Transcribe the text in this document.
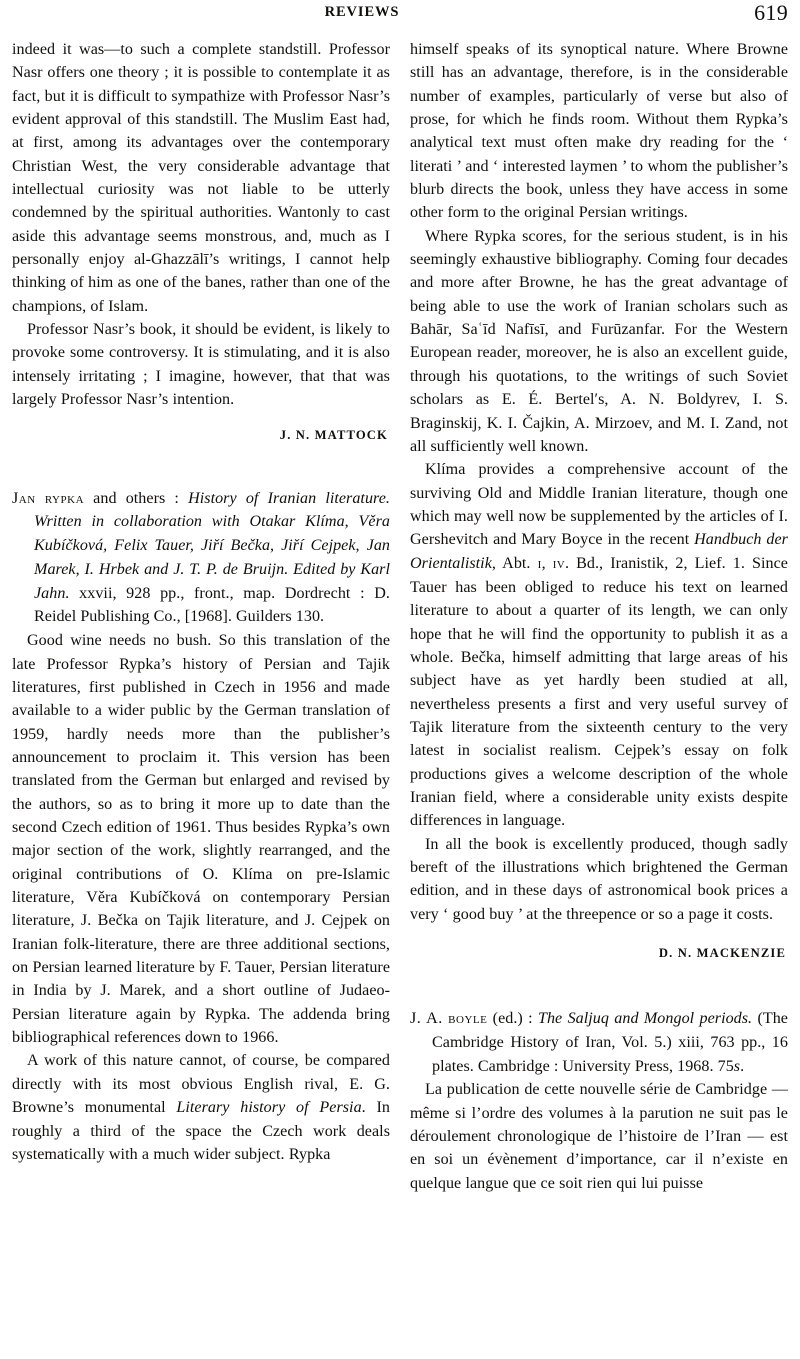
REVIEWS	619

indeed it was—to such a complete standstill. Professor Nasr offers one theory ; it is possible to contemplate it as fact, but it is difficult to sympathize with Professor Nasr’s evident approval of this standstill. The Muslim East had, at first, among its advantages over the contemporary Christian West, the very considerable advantage that intellectual curiosity was not liable to be utterly condemned by the spiritual authorities. Wantonly to cast aside this advantage seems monstrous, and, much as I personally enjoy al-Ghazzālī’s writings, I cannot help thinking of him as one of the banes, rather than one of the champions, of Islam.

Professor Nasr’s book, it should be evident, is likely to provoke some controversy. It is stimulating, and it is also intensely irritating ; I imagine, however, that that was largely Professor Nasr’s intention.

J. N. MATTOCK

Jan rypka and others : History of Iranian literature. Written in collaboration with Otakar Klíma, Věra Kubíčková, Felix Tauer, Jiří Bečka, Jiří Cejpek, Jan Marek, I. Hrbek and J. T. P. de Bruijn. Edited by Karl Jahn. xxvii, 928 pp., front., map. Dordrecht : D. Reidel Publishing Co., [1968]. Guilders 130.

Good wine needs no bush. So this translation of the late Professor Rypka’s history of Persian and Tajik literatures, first published in Czech in 1956 and made available to a wider public by the German translation of 1959, hardly needs more than the publisher’s announcement to proclaim it. This version has been translated from the German but enlarged and revised by the authors, so as to bring it more up to date than the second Czech edition of 1961. Thus besides Rypka’s own major section of the work, slightly rearranged, and the original contributions of O. Klíma on pre-Islamic literature, Věra Kubíčková on contemporary Persian literature, J. Bečka on Tajik literature, and J. Cejpek on Iranian folk-literature, there are three additional sections, on Persian learned literature by F. Tauer, Persian literature in India by J. Marek, and a short outline of Judaeo-Persian literature again by Rypka. The addenda bring bibliographical references down to 1966.

A work of this nature cannot, of course, be compared directly with its most obvious English rival, E. G. Browne’s monumental Literary history of Persia. In roughly a third of the space the Czech work deals systematically with a much wider subject. Rypka

himself speaks of its synoptical nature. Where Browne still has an advantage, therefore, is in the considerable number of examples, particularly of verse but also of prose, for which he finds room. Without them Rypka’s analytical text must often make dry reading for the ‘ literati ’ and ‘ interested laymen ’ to whom the publisher’s blurb directs the book, unless they have access in some other form to the original Persian writings.

Where Rypka scores, for the serious student, is in his seemingly exhaustive bibliography. Coming four decades and more after Browne, he has the great advantage of being able to use the work of Iranian scholars such as Bahār, Saʿīd Nafīsī, and Furūzanfar. For the Western European reader, moreover, he is also an excellent guide, through his quotations, to the writings of such Soviet scholars as E. É. Bertel′s, A. N. Boldyrev, I. S. Braginskij, K. I. Čajkin, A. Mirzoev, and M. I. Zand, not all sufficiently well known.

Klíma provides a comprehensive account of the surviving Old and Middle Iranian literature, though one which may well now be supplemented by the articles of I. Gershevitch and Mary Boyce in the recent Handbuch der Orientalistik, Abt. i, iv. Bd., Iranistik, 2, Lief. 1. Since Tauer has been obliged to reduce his text on learned literature to about a quarter of its length, we can only hope that he will find the opportunity to publish it as a whole. Bečka, himself admitting that large areas of his subject have as yet hardly been studied at all, nevertheless presents a first and very useful survey of Tajik literature from the sixteenth century to the very latest in socialist realism. Cejpek’s essay on folk productions gives a welcome description of the whole Iranian field, where a considerable unity exists despite differences in language.

In all the book is excellently produced, though sadly bereft of the illustrations which brightened the German edition, and in these days of astronomical book prices a very ‘ good buy ’ at the threepence or so a page it costs.

D. N. MACKENZIE

J. A. boyle (ed.) : The Saljuq and Mongol periods. (The Cambridge History of Iran, Vol. 5.) xiii, 763 pp., 16 plates. Cambridge : University Press, 1968. 75s.

La publication de cette nouvelle série de Cambridge — même si l’ordre des volumes à la parution ne suit pas le déroulement chronologique de l’histoire de l’Iran — est en soi un évènement d’importance, car il n’existe en quelque langue que ce soit rien qui lui puisse
